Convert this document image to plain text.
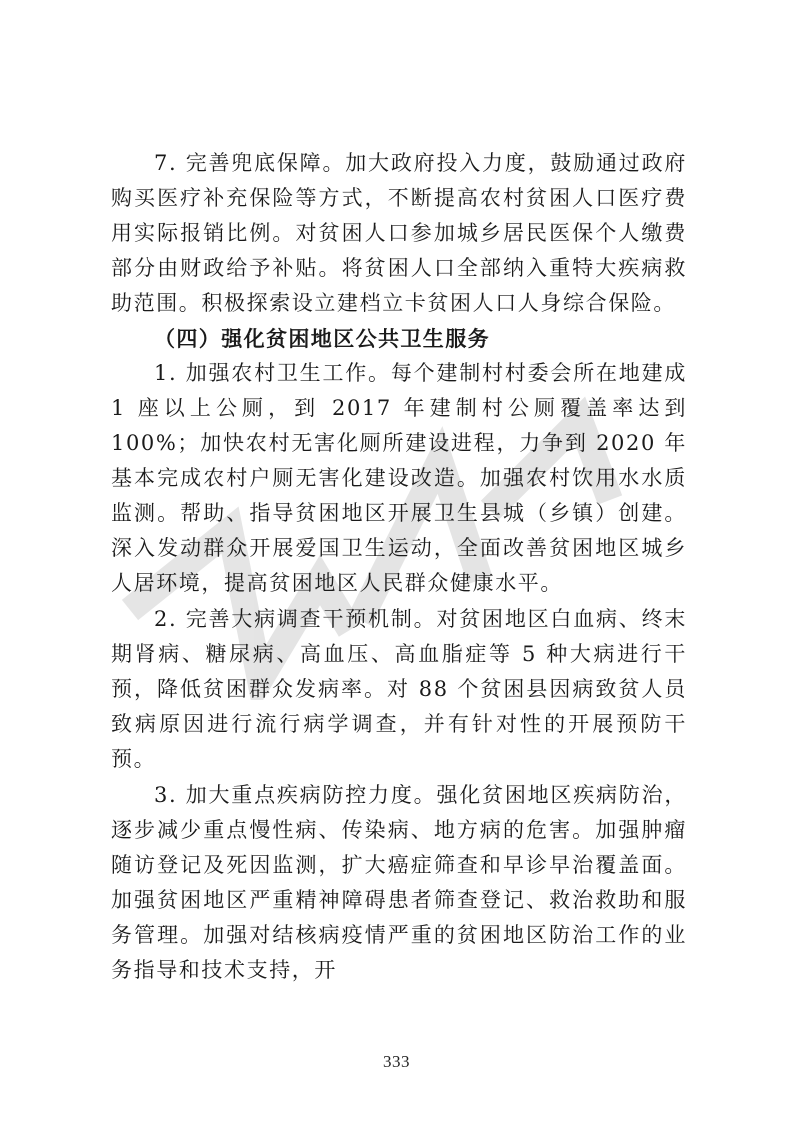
7. 完善兜底保障。加大政府投入力度，鼓励通过政府购买医疗补充保险等方式，不断提高农村贫困人口医疗费用实际报销比例。对贫困人口参加城乡居民医保个人缴费部分由财政给予补贴。将贫困人口全部纳入重特大疾病救助范围。积极探索设立建档立卡贫困人口人身综合保险。

（四）强化贫困地区公共卫生服务

1. 加强农村卫生工作。每个建制村村委会所在地建成 1 座以上公厕，到 2017 年建制村公厕覆盖率达到 100%；加快农村无害化厕所建设进程，力争到 2020 年基本完成农村户厕无害化建设改造。加强农村饮用水水质监测。帮助、指导贫困地区开展卫生县城（乡镇）创建。深入发动群众开展爱国卫生运动，全面改善贫困地区城乡人居环境，提高贫困地区人民群众健康水平。

2. 完善大病调查干预机制。对贫困地区白血病、终末期肾病、糖尿病、高血压、高血脂症等 5 种大病进行干预，降低贫困群众发病率。对 88 个贫困县因病致贫人员致病原因进行流行病学调查，并有针对性的开展预防干预。

3. 加大重点疾病防控力度。强化贫困地区疾病防治，逐步减少重点慢性病、传染病、地方病的危害。加强肿瘤随访登记及死因监测，扩大癌症筛查和早诊早治覆盖面。加强贫困地区严重精神障碍患者筛查登记、救治救助和服务管理。加强对结核病疫情严重的贫困地区防治工作的业务指导和技术支持，开

333
